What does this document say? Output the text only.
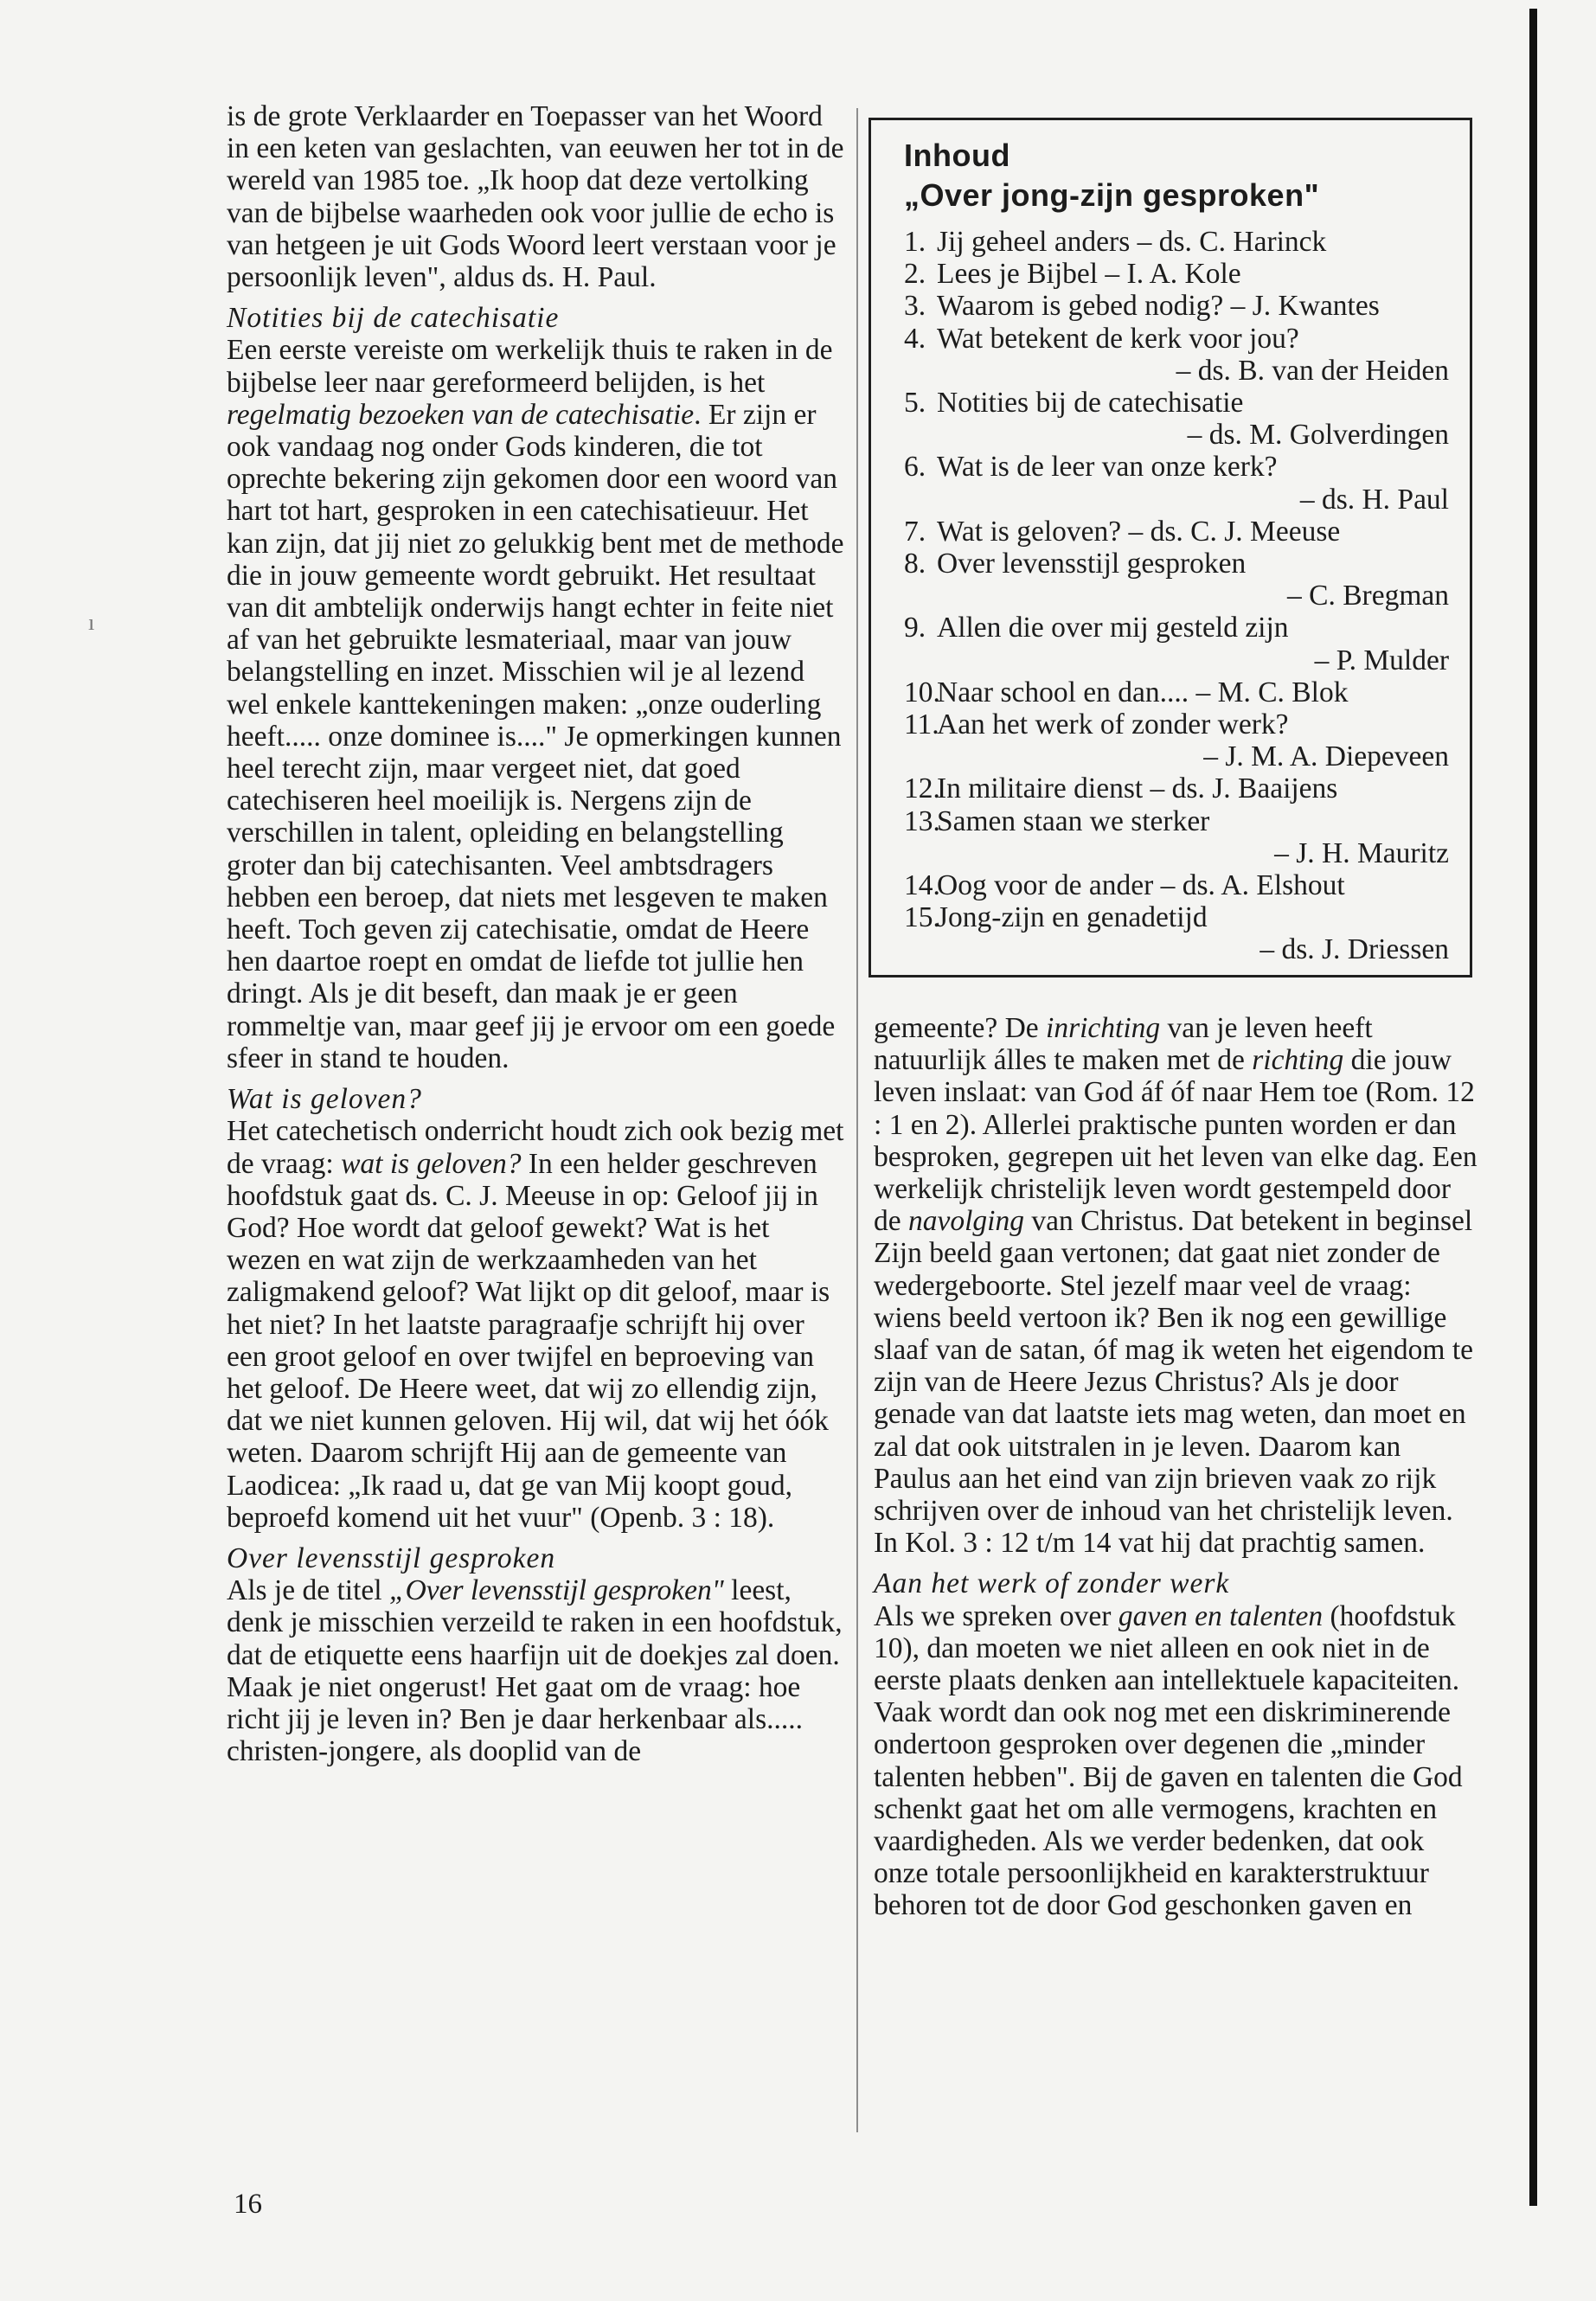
ı

is de grote Verklaarder en Toepasser van het Woord in een keten van geslachten, van eeuwen her tot in de wereld van 1985 toe. „Ik hoop dat deze vertolking van de bijbelse waarheden ook voor jullie de echo is van hetgeen je uit Gods Woord leert verstaan voor je persoonlijk leven", aldus ds. H. Paul.

Notities bij de catechisatie

Een eerste vereiste om werkelijk thuis te raken in de bijbelse leer naar gereformeerd belijden, is het regelmatig bezoeken van de catechisatie. Er zijn er ook vandaag nog onder Gods kinderen, die tot oprechte bekering zijn gekomen door een woord van hart tot hart, gesproken in een catechisatieuur. Het kan zijn, dat jij niet zo gelukkig bent met de methode die in jouw gemeente wordt gebruikt. Het resultaat van dit ambtelijk onderwijs hangt echter in feite niet af van het gebruikte lesmateriaal, maar van jouw belangstelling en inzet. Misschien wil je al lezend wel enkele kanttekeningen maken: „onze ouderling heeft..... onze dominee is...." Je opmerkingen kunnen heel terecht zijn, maar vergeet niet, dat goed catechiseren heel moeilijk is. Nergens zijn de verschillen in talent, opleiding en belangstelling groter dan bij catechisanten. Veel ambtsdragers hebben een beroep, dat niets met lesgeven te maken heeft. Toch geven zij catechisatie, omdat de Heere hen daartoe roept en omdat de liefde tot jullie hen dringt. Als je dit beseft, dan maak je er geen rommeltje van, maar geef jij je ervoor om een goede sfeer in stand te houden.

Wat is geloven?

Het catechetisch onderricht houdt zich ook bezig met de vraag: wat is geloven? In een helder geschreven hoofdstuk gaat ds. C. J. Meeuse in op: Geloof jij in God? Hoe wordt dat geloof gewekt? Wat is het wezen en wat zijn de werkzaamheden van het zaligmakend geloof? Wat lijkt op dit geloof, maar is het niet? In het laatste paragraafje schrijft hij over een groot geloof en over twijfel en beproeving van het geloof. De Heere weet, dat wij zo ellendig zijn, dat we niet kunnen geloven. Hij wil, dat wij het óók weten. Daarom schrijft Hij aan de gemeente van Laodicea: „Ik raad u, dat ge van Mij koopt goud, beproefd komend uit het vuur" (Openb. 3 : 18).

Over levensstijl gesproken

Als je de titel „Over levensstijl gesproken" leest, denk je misschien verzeild te raken in een hoofdstuk, dat de etiquette eens haarfijn uit de doekjes zal doen. Maak je niet ongerust! Het gaat om de vraag: hoe richt jij je leven in? Ben je daar herkenbaar als..... christen-jongere, als dooplid van de

Inhoud
„Over jong-zijn gesproken"
1. Jij geheel anders – ds. C. Harinck
2. Lees je Bijbel – I. A. Kole
3. Waarom is gebed nodig? – J. Kwantes
4. Wat betekent de kerk voor jou?
– ds. B. van der Heiden
5. Notities bij de catechisatie
– ds. M. Golverdingen
6. Wat is de leer van onze kerk?
– ds. H. Paul
7. Wat is geloven? – ds. C. J. Meeuse
8. Over levensstijl gesproken
– C. Bregman
9. Allen die over mij gesteld zijn
– P. Mulder
10.Naar school en dan.... – M. C. Blok
11.Aan het werk of zonder werk?
– J. M. A. Diepeveen
12.In militaire dienst – ds. J. Baaijens
13.Samen staan we sterker
– J. H. Mauritz
14.Oog voor de ander – ds. A. Elshout
15.Jong-zijn en genadetijd
– ds. J. Driessen

gemeente? De inrichting van je leven heeft natuurlijk álles te maken met de richting die jouw leven inslaat: van God áf óf naar Hem toe (Rom. 12 : 1 en 2). Allerlei praktische punten worden er dan besproken, gegrepen uit het leven van elke dag. Een werkelijk christelijk leven wordt gestempeld door de navolging van Christus. Dat betekent in beginsel Zijn beeld gaan vertonen; dat gaat niet zonder de wedergeboorte. Stel jezelf maar veel de vraag: wiens beeld vertoon ik? Ben ik nog een gewillige slaaf van de satan, óf mag ik weten het eigendom te zijn van de Heere Jezus Christus? Als je door genade van dat laatste iets mag weten, dan moet en zal dat ook uitstralen in je leven. Daarom kan Paulus aan het eind van zijn brieven vaak zo rijk schrijven over de inhoud van het christelijk leven. In Kol. 3 : 12 t/m 14 vat hij dat prachtig samen.

Aan het werk of zonder werk

Als we spreken over gaven en talenten (hoofdstuk 10), dan moeten we niet alleen en ook niet in de eerste plaats denken aan intellektuele kapaciteiten. Vaak wordt dan ook nog met een diskriminerende ondertoon gesproken over degenen die „minder talenten hebben". Bij de gaven en talenten die God schenkt gaat het om alle vermogens, krachten en vaardigheden. Als we verder bedenken, dat ook onze totale persoonlijkheid en karakterstruktuur behoren tot de door God geschonken gaven en

16
